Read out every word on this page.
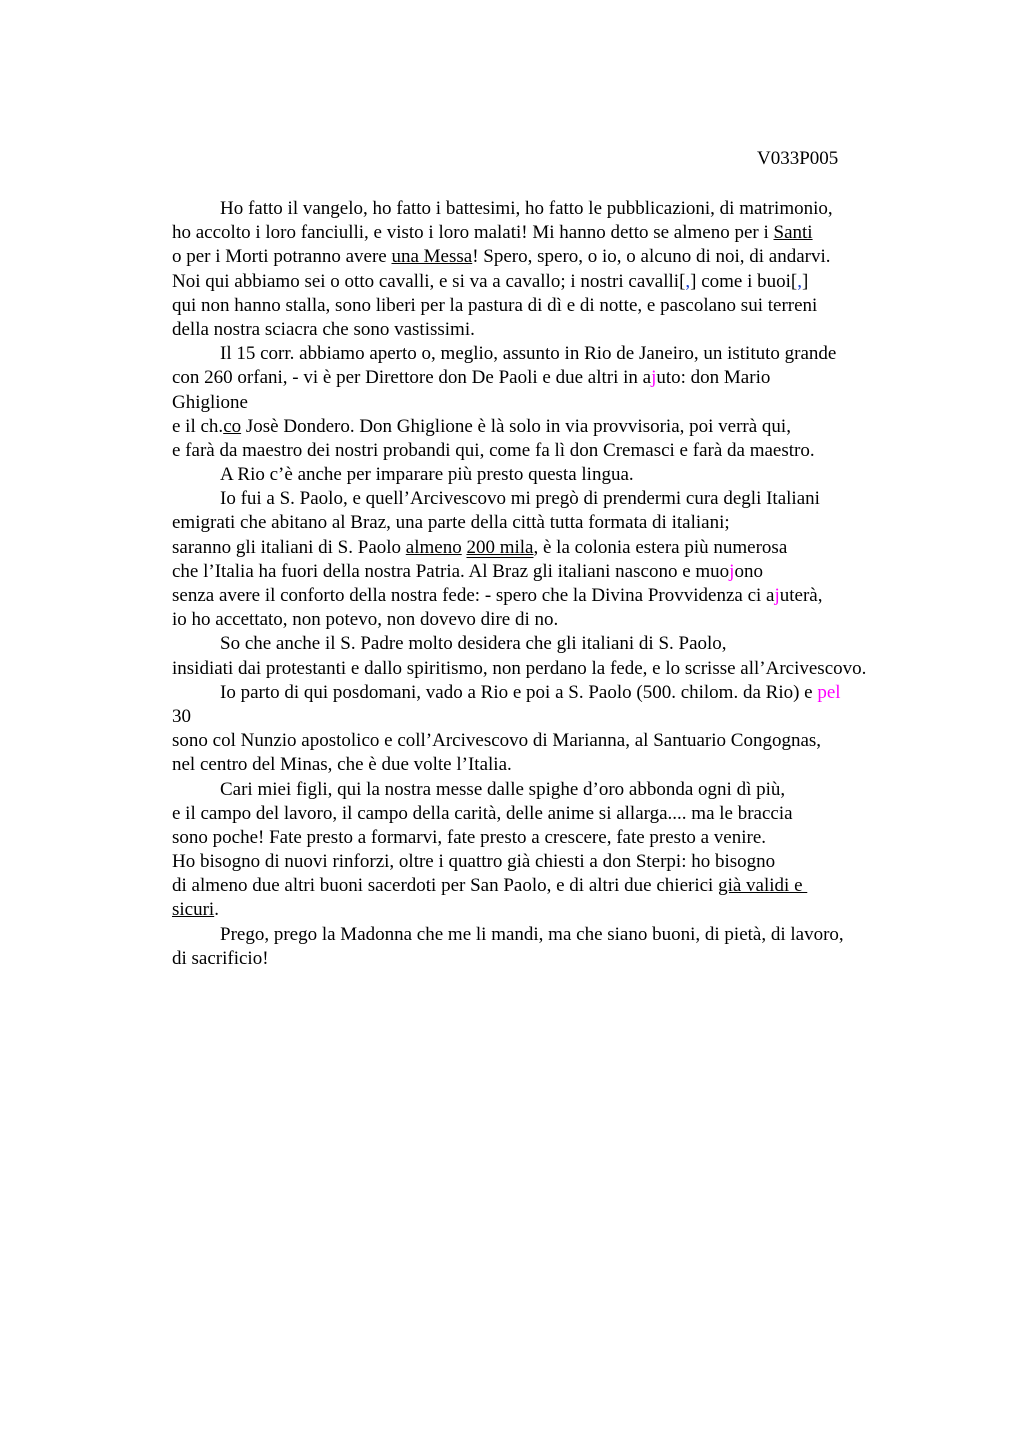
V033P005
Ho fatto il vangelo, ho fatto i battesimi, ho fatto le pubblicazioni, di matrimonio,
ho accolto i loro fanciulli, e visto i loro malati! Mi hanno detto se almeno per i Santi
o per i Morti potranno avere una Messa! Spero, spero, o io, o alcuno di noi, di andarvi.
Noi qui abbiamo sei o otto cavalli, e si va a cavallo; i nostri cavalli[,] come i buoi[,]
qui non hanno stalla, sono liberi per la pastura di dì e di notte, e pascolano sui terreni
della nostra sciacra che sono vastissimi.
Il 15 corr. abbiamo aperto o, meglio, assunto in Rio de Janeiro, un istituto grande
con 260 orfani, - vi è per Direttore don De Paoli e due altri in ajuto: don Mario
Ghiglione
e il ch.co Josè Dondero. Don Ghiglione è là solo in via provvisoria, poi verrà qui,
e farà da maestro dei nostri probandi qui, come fa lì don Cremasci e farà da maestro.
A Rio c’è anche per imparare più presto questa lingua.
Io fui a S. Paolo, e quell’Arcivescovo mi pregò di prendermi cura degli Italiani
emigrati che abitano al Braz, una parte della città tutta formata di italiani;
saranno gli italiani di S. Paolo almeno 200 mila, è la colonia estera più numerosa
che l’Italia ha fuori della nostra Patria. Al Braz gli italiani nascono e muojono
senza avere il conforto della nostra fede: - spero che la Divina Provvidenza ci ajuterà,
io ho accettato, non potevo, non dovevo dire di no.
So che anche il S. Padre molto desidera che gli italiani di S. Paolo,
insidiati dai protestanti e dallo spiritismo, non perdano la fede, e lo scrisse all’Arcivescovo.
Io parto di qui posdomani, vado a Rio e poi a S. Paolo (500. chilom. da Rio) e pel
30
sono col Nunzio apostolico e coll’Arcivescovo di Marianna, al Santuario Congognas,
nel centro del Minas, che è due volte l’Italia.
Cari miei figli, qui la nostra messe dalle spighe d’oro abbonda ogni dì più,
e il campo del lavoro, il campo della carità, delle anime si allarga.... ma le braccia
sono poche! Fate presto a formarvi, fate presto a crescere, fate presto a venire.
Ho bisogno di nuovi rinforzi, oltre i quattro già chiesti a don Sterpi: ho bisogno
di almeno due altri buoni sacerdoti per San Paolo, e di altri due chierici già validi e
sicuri.
Prego, prego la Madonna che me li mandi, ma che siano buoni, di pietà, di lavoro,
di sacrificio!
